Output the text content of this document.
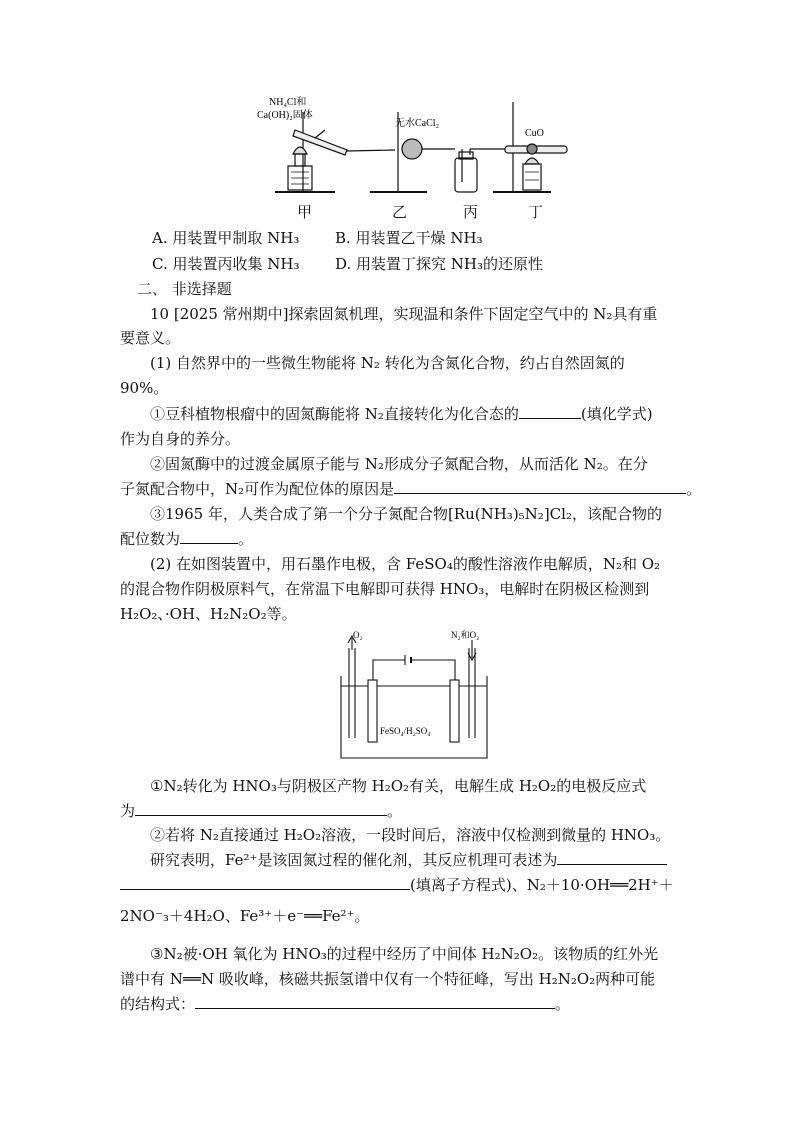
NH₄Cl和
Ca(OH)₂固体
无水CaCl₂
CuO
甲	乙	丙	丁
A. 用装置甲制取 NH₃ B. 用装置乙干燥 NH₃
C. 用装置丙收集 NH₃ D. 用装置丁探究 NH₃的还原性
二、 非选择题
10 [2025 常州期中]探索固氮机理，实现温和条件下固定空气中的 N₂具有重
要意义。
(1) 自然界中的一些微生物能将 N₂ 转化为含氮化合物，约占自然固氮的
90%。
①豆科植物根瘤中的固氮酶能将 N₂直接转化为化合态的	(填化学式)
作为自身的养分。
②固氮酶中的过渡金属原子能与 N₂形成分子氮配合物，从而活化 N₂。在分
子氮配合物中，N₂可作为配位体的原因是	。
③1965 年，人类合成了第一个分子氮配合物[Ru(NH₃)₅N₂]Cl₂，该配合物的
配位数为	。
(2) 在如图装置中，用石墨作电极，含 FeSO₄的酸性溶液作电解质，N₂和 O₂
的混合物作阴极原料气，在常温下电解即可获得 HNO₃，电解时在阴极区检测到
H₂O₂、·OH、H₂N₂O₂等。
O₂	N₂和O₂
FeSO₄/H₂SO₄
①N₂转化为 HNO₃与阴极区产物 H₂O₂有关，电解生成 H₂O₂的电极反应式
为	。
②若将 N₂直接通过 H₂O₂溶液，一段时间后，溶液中仅检测到微量的 HNO₃。
研究表明，Fe²⁺是该固氮过程的催化剂，其反应机理可表述为
(填离子方程式)、N₂＋10·OH══2H⁺＋
2NO⁻₃＋4H₂O、Fe³⁺＋e⁻══Fe²⁺。
③N₂被·OH 氧化为 HNO₃的过程中经历了中间体 H₂N₂O₂。该物质的红外光
谱中有 N══N 吸收峰，核磁共振氢谱中仅有一个特征峰，写出 H₂N₂O₂两种可能
的结构式：	。
